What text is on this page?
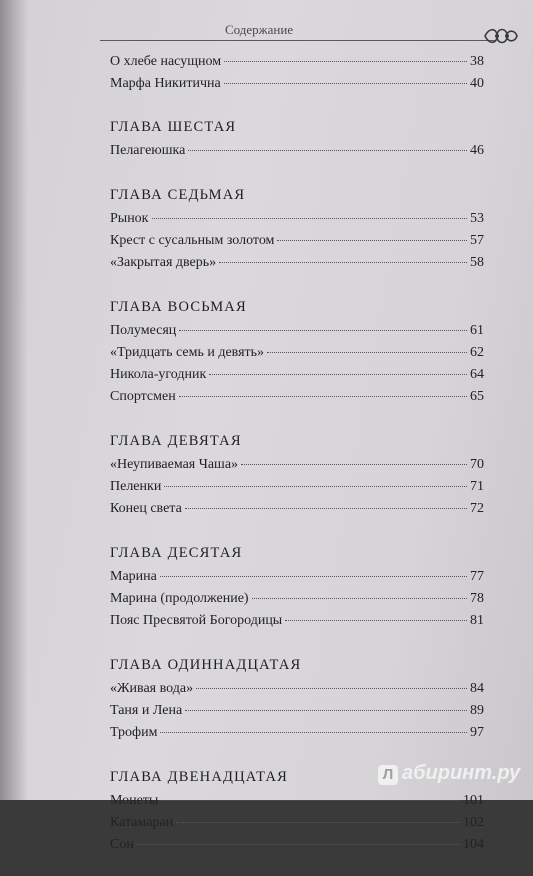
Содержание
О хлебе насущном	38
Марфа Никитична	40
ГЛАВА ШЕСТАЯ
Пелагеюшка	46
ГЛАВА СЕДЬМАЯ
Рынок	53
Крест с сусальным золотом	57
«Закрытая дверь»	58
ГЛАВА ВОСЬМАЯ
Полумесяц	61
«Тридцать семь и девять»	62
Никола-угодник	64
Спортсмен	65
ГЛАВА ДЕВЯТАЯ
«Неупиваемая Чаша»	70
Пеленки	71
Конец света	72
ГЛАВА ДЕСЯТАЯ
Марина	77
Марина (продолжение)	78
Пояс Пресвятой Богородицы	81
ГЛАВА ОДИННАДЦАТАЯ
«Живая вода»	84
Таня и Лена	89
Трофим	97
ГЛАВА ДВЕНАДЦАТАЯ
Монеты	101
Катамаран	102
Сон	104
Л абиринт.ру
